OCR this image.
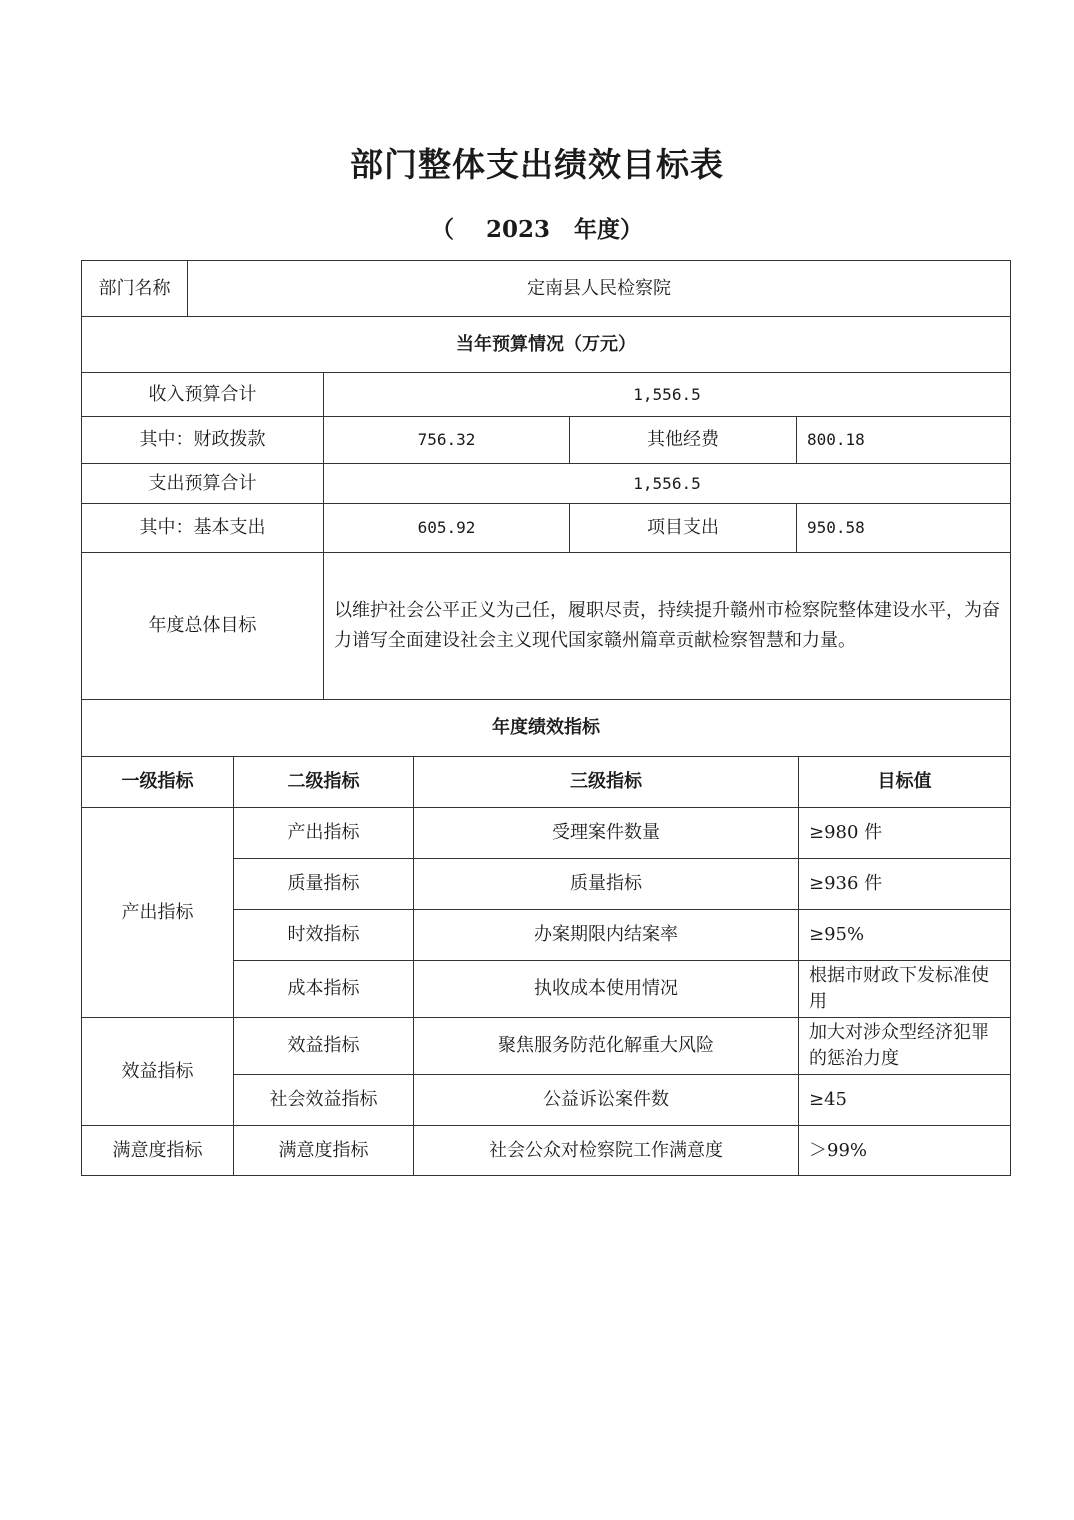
部门整体支出绩效目标表
（ 2023 年度）
部门名称	定南县人民检察院
当年预算情况（万元）			
收入预算合计	1,556.5		
其中：财政拨款	756.32	其他经费	800.18
支出预算合计	1,556.5		
其中：基本支出	605.92	项目支出	950.58
年度总体目标	以维护社会公平正义为己任，履职尽责，持续提升赣州市检察院整体建设水平，为奋力谱写全面建设社会主义现代国家赣州篇章贡献检察智慧和力量。		
年度绩效指标			
一级指标	二级指标	三级指标	目标值
产出指标	产出指标	受理案件数量	≥980 件
	质量指标	质量指标	≥936 件
	时效指标	办案期限内结案率	≥95%
	成本指标	执收成本使用情况	根据市财政下发标准使用
效益指标	效益指标	聚焦服务防范化解重大风险	加大对涉众型经济犯罪的惩治力度
	社会效益指标	公益诉讼案件数	≥45
满意度指标	满意度指标	社会公众对检察院工作满意度	＞99%
